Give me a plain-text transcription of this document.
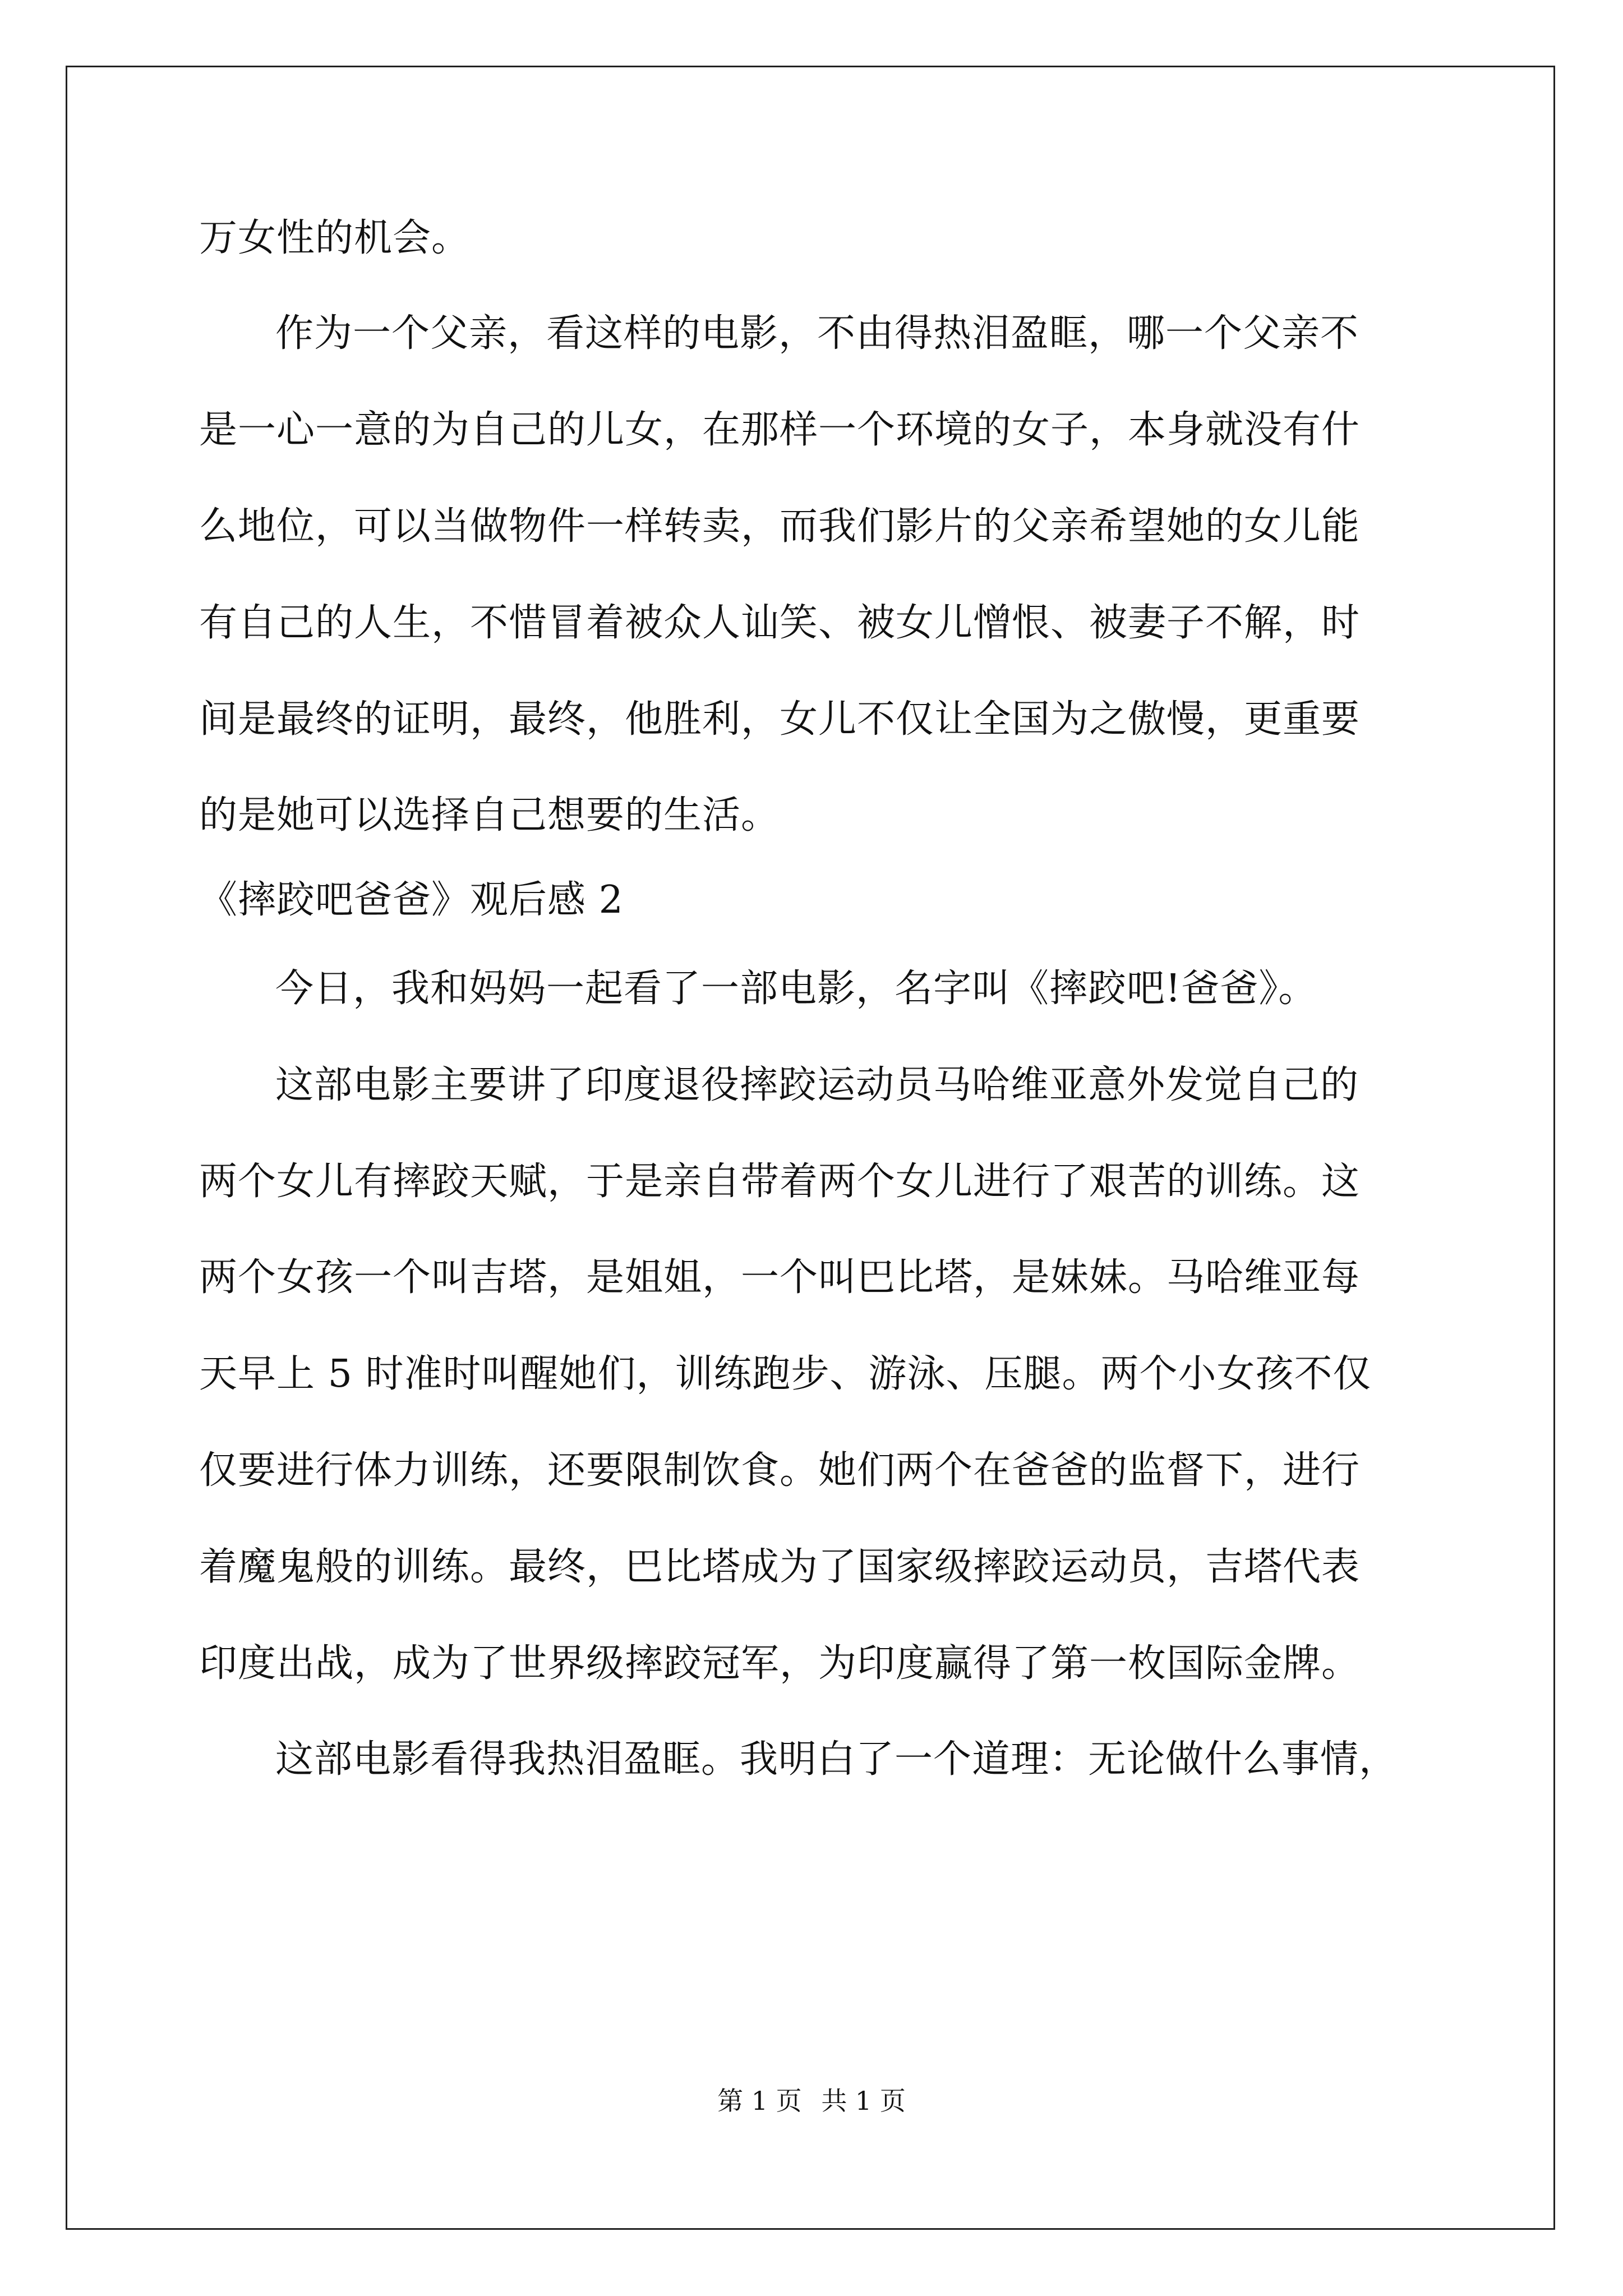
万女性的机会。
作为一个父亲，看这样的电影，不由得热泪盈眶，哪一个父亲不
是一心一意的为自己的儿女，在那样一个环境的女子，本身就没有什
么地位，可以当做物件一样转卖，而我们影片的父亲希望她的女儿能
有自己的人生，不惜冒着被众人讪笑、被女儿憎恨、被妻子不解，时
间是最终的证明，最终，他胜利，女儿不仅让全国为之傲慢，更重要
的是她可以选择自己想要的生活。
《摔跤吧爸爸》观后感 2
今日，我和妈妈一起看了一部电影，名字叫《摔跤吧!爸爸》。
这部电影主要讲了印度退役摔跤运动员马哈维亚意外发觉自己的
两个女儿有摔跤天赋，于是亲自带着两个女儿进行了艰苦的训练。这
两个女孩一个叫吉塔，是姐姐，一个叫巴比塔，是妹妹。马哈维亚每
天早上 5 时准时叫醒她们，训练跑步、游泳、压腿。两个小女孩不仅
仅要进行体力训练，还要限制饮食。她们两个在爸爸的监督下，进行
着魔鬼般的训练。最终，巴比塔成为了国家级摔跤运动员，吉塔代表
印度出战，成为了世界级摔跤冠军，为印度赢得了第一枚国际金牌。
这部电影看得我热泪盈眶。我明白了一个道理：无论做什么事情，
第 1 页 共 1 页
